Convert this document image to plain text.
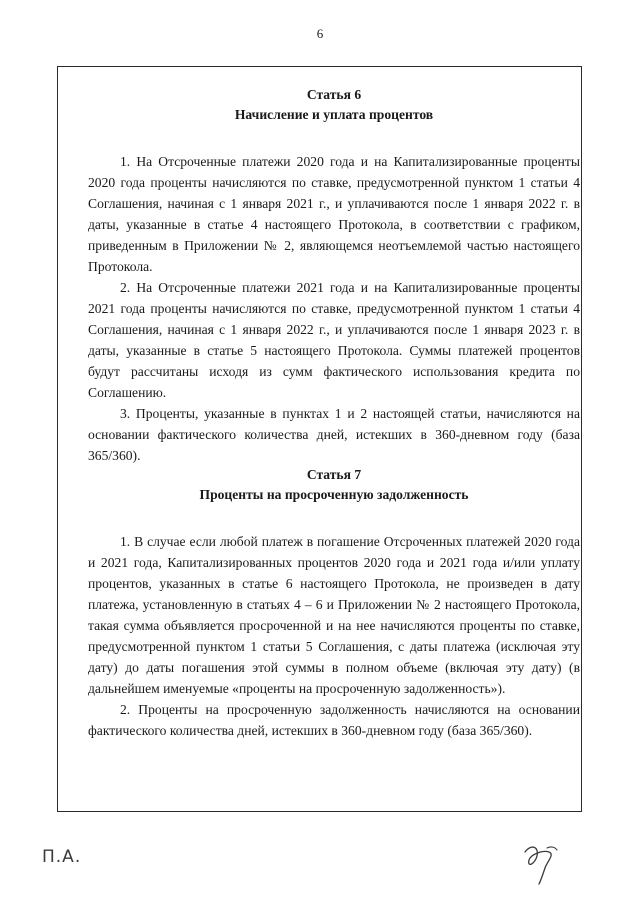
6

Статья 6

Начисление и уплата процентов

1. На Отсроченные платежи 2020 года и на Капитализированные проценты 2020 года проценты начисляются по ставке, предусмотренной пунктом 1 статьи 4 Соглашения, начиная с 1 января 2021 г., и уплачиваются после 1 января 2022 г. в даты, указанные в статье 4 настоящего Протокола, в соответствии с графиком, приведенным в Приложении № 2, являющемся неотъемлемой частью настоящего Протокола.

2. На Отсроченные платежи 2021 года и на Капитализированные проценты 2021 года проценты начисляются по ставке, предусмотренной пунктом 1 статьи 4 Соглашения, начиная с 1 января 2022 г., и уплачиваются после 1 января 2023 г. в даты, указанные в статье 5 настоящего Протокола. Суммы платежей процентов будут рассчитаны исходя из сумм фактического использования кредита по Соглашению.

3. Проценты, указанные в пунктах 1 и 2 настоящей статьи, начисляются на основании фактического количества дней, истекших в 360-дневном году (база 365/360).

Статья 7

Проценты на просроченную задолженность

1. В случае если любой платеж в погашение Отсроченных платежей 2020 года и 2021 года, Капитализированных процентов 2020 года и 2021 года и/или уплату процентов, указанных в статье 6 настоящего Протокола, не произведен в дату платежа, установленную в статьях 4 – 6 и Приложении № 2 настоящего Протокола, такая сумма объявляется просроченной и на нее начисляются проценты по ставке, предусмотренной пунктом 1 статьи 5 Соглашения, с даты платежа (исключая эту дату) до даты погашения этой суммы в полном объеме (включая эту дату) (в дальнейшем именуемые «проценты на просроченную задолженность»).

2. Проценты на просроченную задолженность начисляются на основании фактического количества дней, истекших в 360-дневном году (база 365/360).

П.А.
